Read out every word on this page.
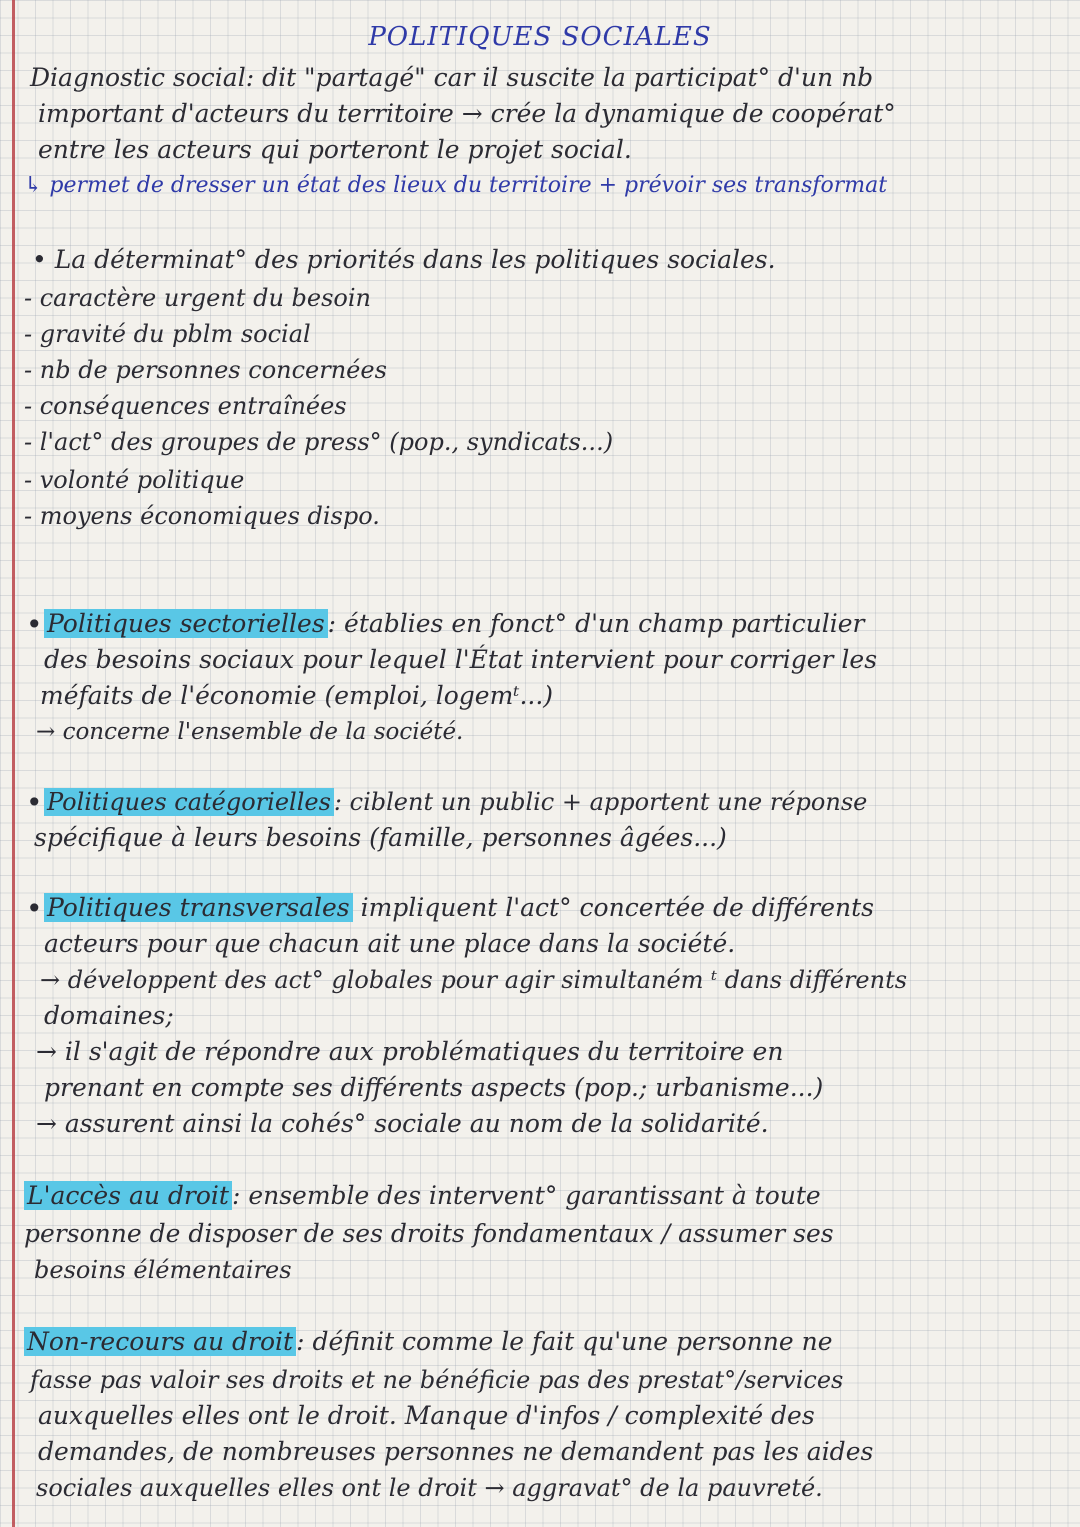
POLITIQUES SOCIALES
Diagnostic social: dit "partagé" car il suscite la participat° d'un nb
important d'acteurs du territoire → crée la dynamique de coopérat°
entre les acteurs qui porteront le projet social.
↳ permet de dresser un état des lieux du territoire + prévoir ses transformat
• La déterminat° des priorités dans les politiques sociales.
- caractère urgent du besoin
- gravité du pblm social
- nb de personnes concernées
- conséquences entraînées
- l'act° des groupes de press° (pop., syndicats...)
- volonté politique
- moyens économiques dispo.
• Politiques sectorielles : établies en fonct° d'un champ particulier
des besoins sociaux pour lequel l'État intervient pour corriger les
méfaits de l'économie (emploi, logemᵗ...)
→ concerne l'ensemble de la société.
• Politiques catégorielles : ciblent un public + apportent une réponse
spécifique à leurs besoins (famille, personnes âgées...)
• Politiques transversales impliquent l'act° concertée de différents
acteurs pour que chacun ait une place dans la société.
→ développent des act° globales pour agir simultaném ᵗ dans différents
domaines;
→ il s'agit de répondre aux problématiques du territoire en
prenant en compte ses différents aspects (pop.; urbanisme...)
→ assurent ainsi la cohés° sociale au nom de la solidarité.
L'accès au droit : ensemble des intervent° garantissant à toute
personne de disposer de ses droits fondamentaux / assumer ses
besoins élémentaires
Non-recours au droit : définit comme le fait qu'une personne ne
fasse pas valoir ses droits et ne bénéficie pas des prestat°/services
auxquelles elles ont le droit. Manque d'infos / complexité des
demandes, de nombreuses personnes ne demandent pas les aides
sociales auxquelles elles ont le droit → aggravat° de la pauvreté.
